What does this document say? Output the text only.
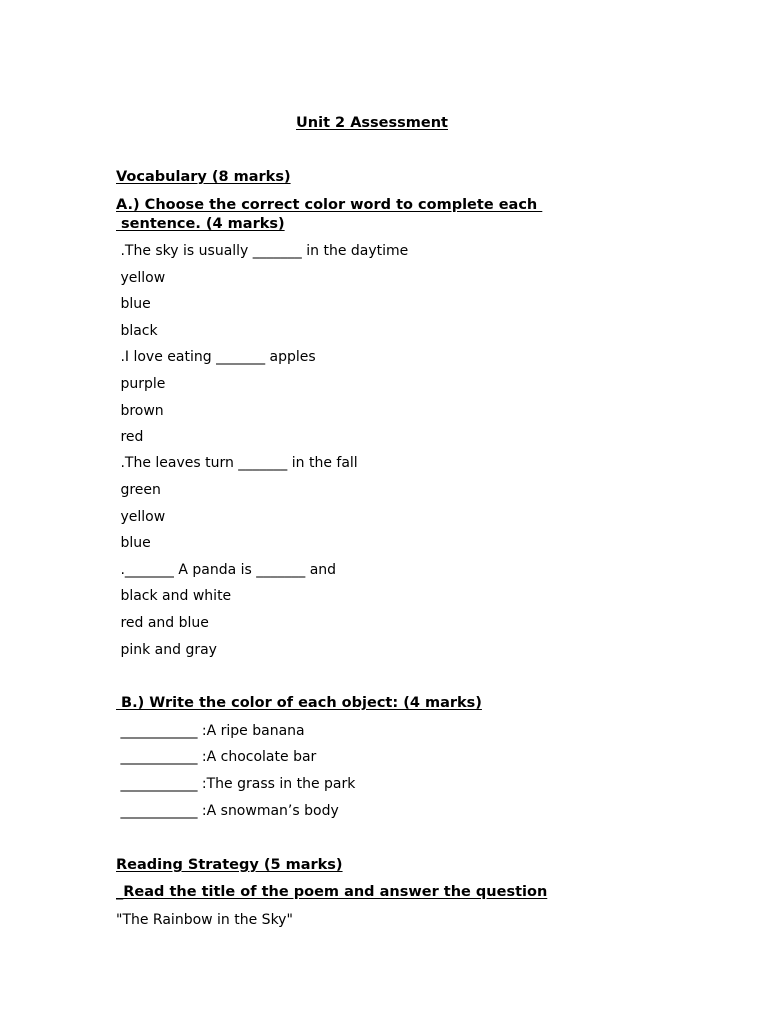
Unit 2 Assessment
Vocabulary (8 marks)
A.) Choose the correct color word to complete each
sentence. (4 marks)
.The sky is usually _______ in the daytime
yellow
blue
black
.I love eating _______ apples
purple
brown
red
.The leaves turn _______ in the fall
green
yellow
blue
._______ A panda is _______ and
black and white
red and blue
pink and gray
B.) Write the color of each object: (4 marks)
___________ :A ripe banana
___________ :A chocolate bar
___________ :The grass in the park
___________ :A snowman’s body
Reading Strategy (5 marks)
_Read the title of the poem and answer the question
"The Rainbow in the Sky"
